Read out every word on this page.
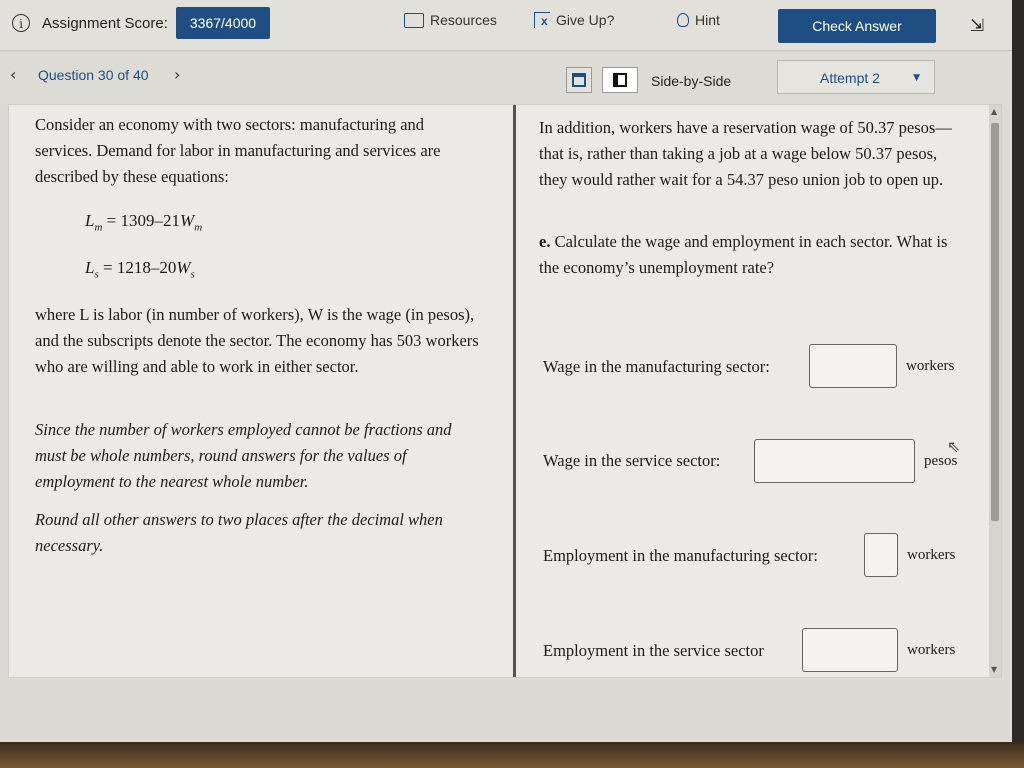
i	Assignment Score:	3367/4000	Resources	x Give Up?	Hint	Check Answer	⇲
‹ Question 30 of 40 ›	Side-by-Side	Attempt 2	▼

Consider an economy with two sectors: manufacturing and services. Demand for labor in manufacturing and services are described by these equations:

$L_m = 1309-21W_m$
$L_s = 1218-20W_s$

where L is labor (in number of workers), W is the wage (in pesos), and the subscripts denote the sector. The economy has 503 workers who are willing and able to work in either sector.

Since the number of workers employed cannot be fractions and must be whole numbers, round answers for the values of employment to the nearest whole number.

Round all other answers to two places after the decimal when necessary.

In addition, workers have a reservation wage of 50.37 pesos—that is, rather than taking a job at a wage below 50.37 pesos, they would rather wait for a 54.37 peso union job to open up.

e. Calculate the wage and employment in each sector. What is the economy’s unemployment rate?

Wage in the manufacturing sector:	workers
Wage in the service sector:	pesos
Employment in the manufacturing sector:	workers
Employment in the service sector	workers
⇖
▲
▼
